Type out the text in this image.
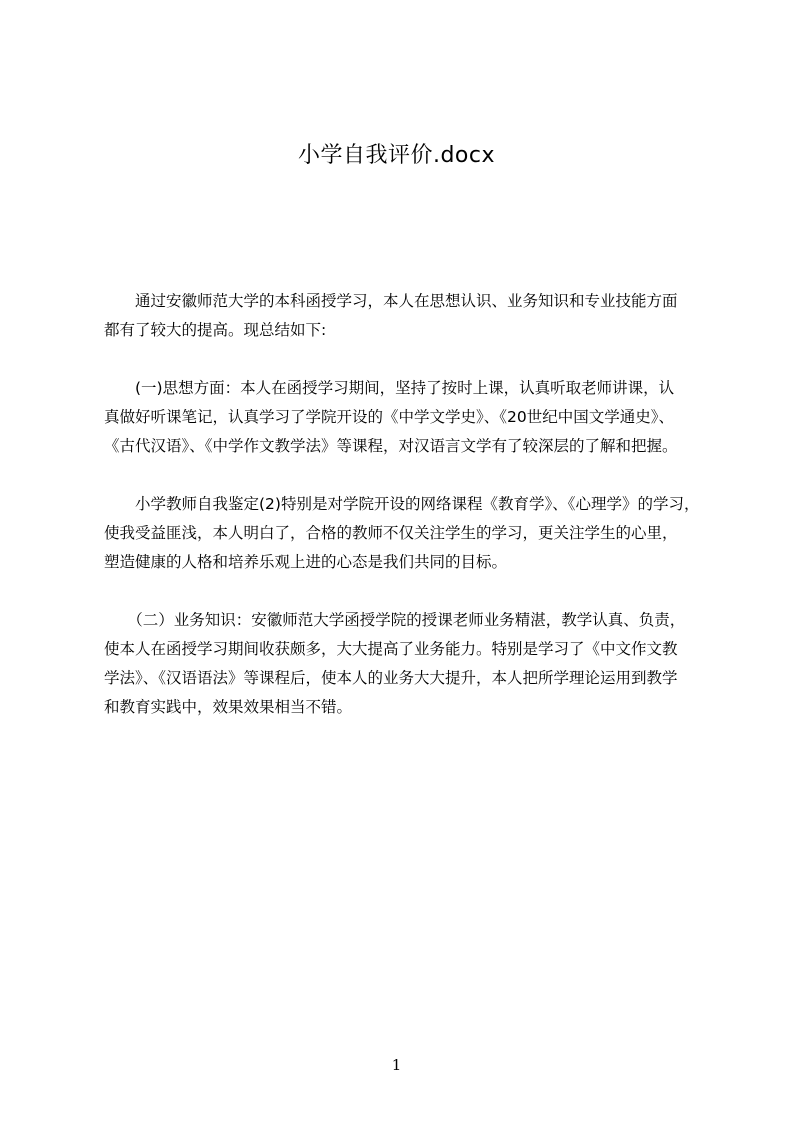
小学自我评价.docx
　　通过安徽师范大学的本科函授学习，本人在思想认识、业务知识和专业技能方面
都有了较大的提高。现总结如下:
　　(一)思想方面：本人在函授学习期间，坚持了按时上课，认真听取老师讲课，认
真做好听课笔记，认真学习了学院开设的《中学文学史》、《20世纪中国文学通史》、
《古代汉语》、《中学作文教学法》等课程，对汉语言文学有了较深层的了解和把握。
　　小学教师自我鉴定(2)特别是对学院开设的网络课程《教育学》、《心理学》的学习，
使我受益匪浅，本人明白了，合格的教师不仅关注学生的学习，更关注学生的心里，
塑造健康的人格和培养乐观上进的心态是我们共同的目标。
　　（二）业务知识：安徽师范大学函授学院的授课老师业务精湛，教学认真、负责，
使本人在函授学习期间收获颇多，大大提高了业务能力。特别是学习了《中文作文教
学法》、《汉语语法》等课程后，使本人的业务大大提升，本人把所学理论运用到教学
和教育实践中，效果效果相当不错。
1
